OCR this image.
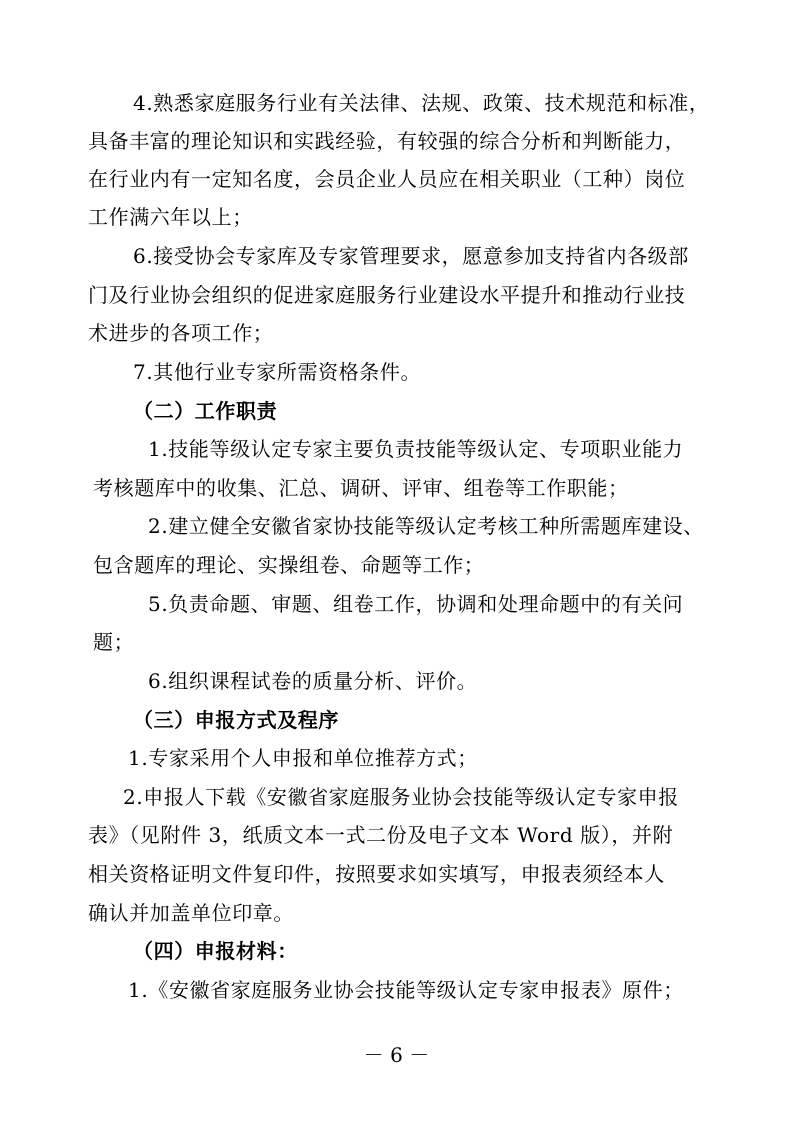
4.熟悉家庭服务行业有关法律、法规、政策、技术规范和标准，
具备丰富的理论知识和实践经验，有较强的综合分析和判断能力，
在行业内有一定知名度，会员企业人员应在相关职业（工种）岗位
工作满六年以上；
6.接受协会专家库及专家管理要求，愿意参加支持省内各级部
门及行业协会组织的促进家庭服务行业建设水平提升和推动行业技
术进步的各项工作；
7.其他行业专家所需资格条件。
（二）工作职责
1.技能等级认定专家主要负责技能等级认定、专项职业能力
考核题库中的收集、汇总、调研、评审、组卷等工作职能；
2.建立健全安徽省家协技能等级认定考核工种所需题库建设、
包含题库的理论、实操组卷、命题等工作；
5.负责命题、审题、组卷工作，协调和处理命题中的有关问
题；
6.组织课程试卷的质量分析、评价。
（三）申报方式及程序
1.专家采用个人申报和单位推荐方式；
2.申报人下载《安徽省家庭服务业协会技能等级认定专家申报
表》（见附件 3，纸质文本一式二份及电子文本 Word 版），并附
相关资格证明文件复印件，按照要求如实填写，申报表须经本人
确认并加盖单位印章。
（四）申报材料：
1.《安徽省家庭服务业协会技能等级认定专家申报表》原件；
－ 6 －
